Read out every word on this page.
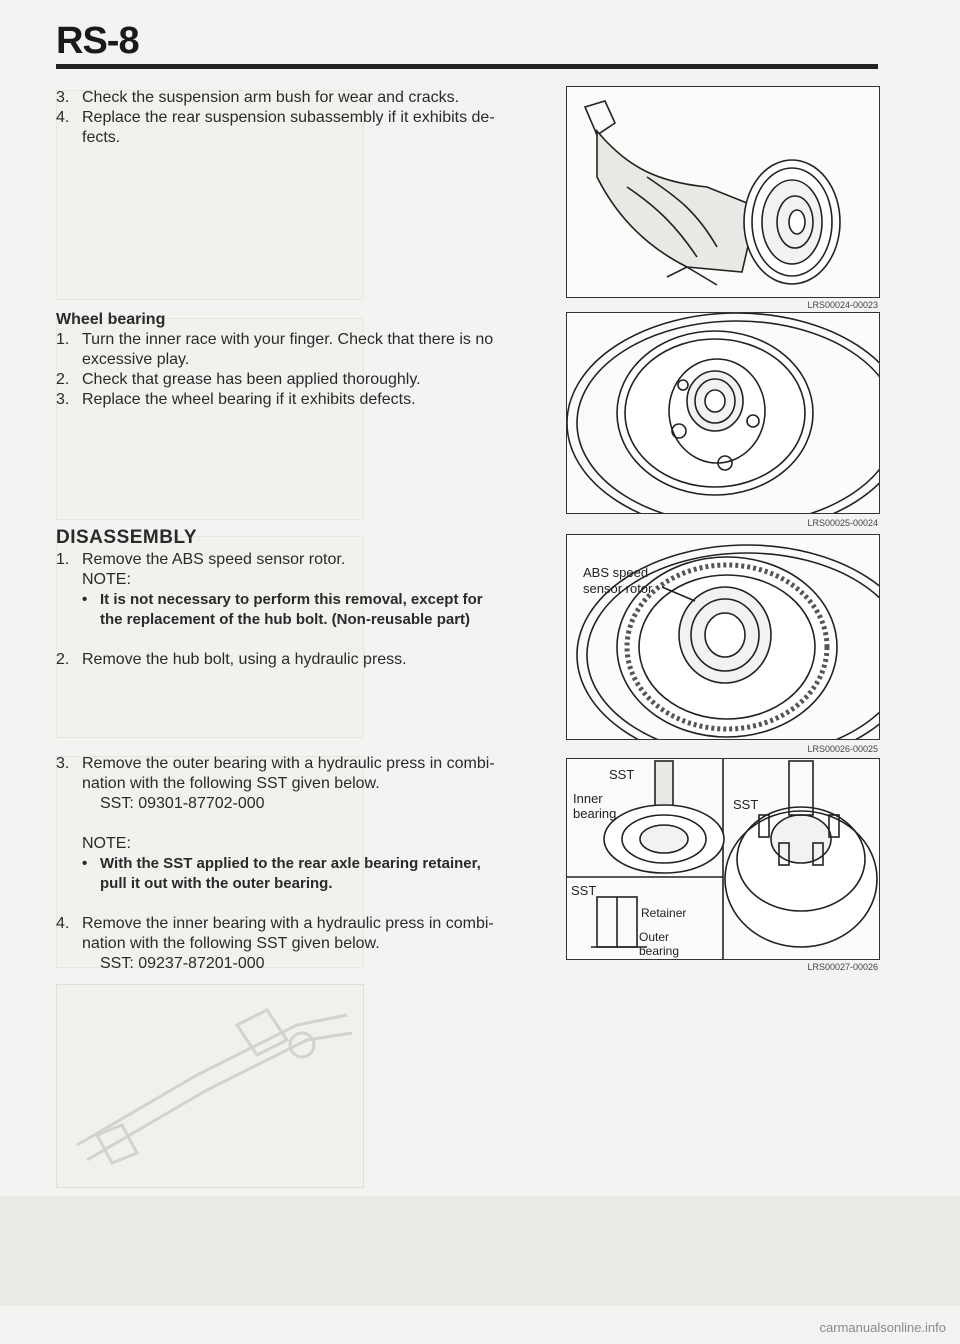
RS-8

3. Check the suspension arm bush for wear and cracks.

4. Replace the rear suspension subassembly if it exhibits de-

fects.

Wheel bearing

1. Turn the inner race with your finger. Check that there is no

excessive play.

2. Check that grease has been applied thoroughly.

3. Replace the wheel bearing if it exhibits defects.

DISASSEMBLY

1. Remove the ABS speed sensor rotor.

NOTE:

• It is not necessary to perform this removal, except for

the replacement of the hub bolt. (Non-reusable part)

2. Remove the hub bolt, using a hydraulic press.

3. Remove the outer bearing with a hydraulic press in combi-

nation with the following SST given below.

SST: 09301-87702-000

NOTE:

• With the SST applied to the rear axle bearing retainer,

pull it out with the outer bearing.

4. Remove the inner bearing with a hydraulic press in combi-

nation with the following SST given below.

SST: 09237-87201-000

LRS00024-00023
LRS00025-00024
ABS speed
sensor rotor
LRS00026-00025
SST
Inner
bearing
SST
SST
Retainer
Outer
bearing
LRS00027-00026
carmanualsonline.info
